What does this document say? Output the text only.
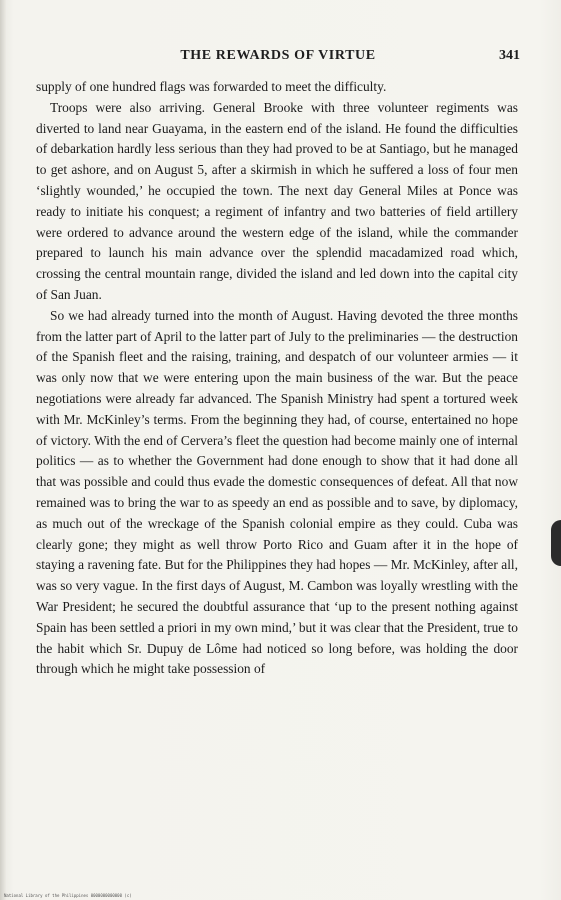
THE REWARDS OF VIRTUE	341

supply of one hundred flags was forwarded to meet the difficulty.

Troops were also arriving. General Brooke with three volunteer regiments was diverted to land near Guayama, in the eastern end of the island. He found the difficulties of debarkation hardly less serious than they had proved to be at Santiago, but he managed to get ashore, and on August 5, after a skirmish in which he suffered a loss of four men ‘slightly wounded,’ he occupied the town. The next day General Miles at Ponce was ready to initiate his conquest; a regiment of infantry and two batteries of field artillery were ordered to advance around the western edge of the island, while the commander prepared to launch his main advance over the splendid macadamized road which, crossing the central mountain range, divided the island and led down into the capital city of San Juan.

So we had already turned into the month of August. Having devoted the three months from the latter part of April to the latter part of July to the preliminaries — the destruction of the Spanish fleet and the raising, training, and despatch of our volunteer armies — it was only now that we were entering upon the main business of the war. But the peace negotiations were already far advanced. The Spanish Ministry had spent a tortured week with Mr. McKinley’s terms. From the beginning they had, of course, entertained no hope of victory. With the end of Cervera’s fleet the question had become mainly one of internal politics — as to whether the Government had done enough to show that it had done all that was possible and could thus evade the domestic consequences of defeat. All that now remained was to bring the war to as speedy an end as possible and to save, by diplomacy, as much out of the wreckage of the Spanish colonial empire as they could. Cuba was clearly gone; they might as well throw Porto Rico and Guam after it in the hope of staying a ravening fate. But for the Philippines they had hopes — Mr. McKinley, after all, was so very vague. In the first days of August, M. Cambon was loyally wrestling with the War President; he secured the doubtful assurance that ‘up to the present nothing against Spain has been settled a priori in my own mind,’ but it was clear that the President, true to the habit which Sr. Dupuy de Lôme had noticed so long before, was holding the door through which he might take possession of

National Library of the Philippines 0000000000000 (c)
